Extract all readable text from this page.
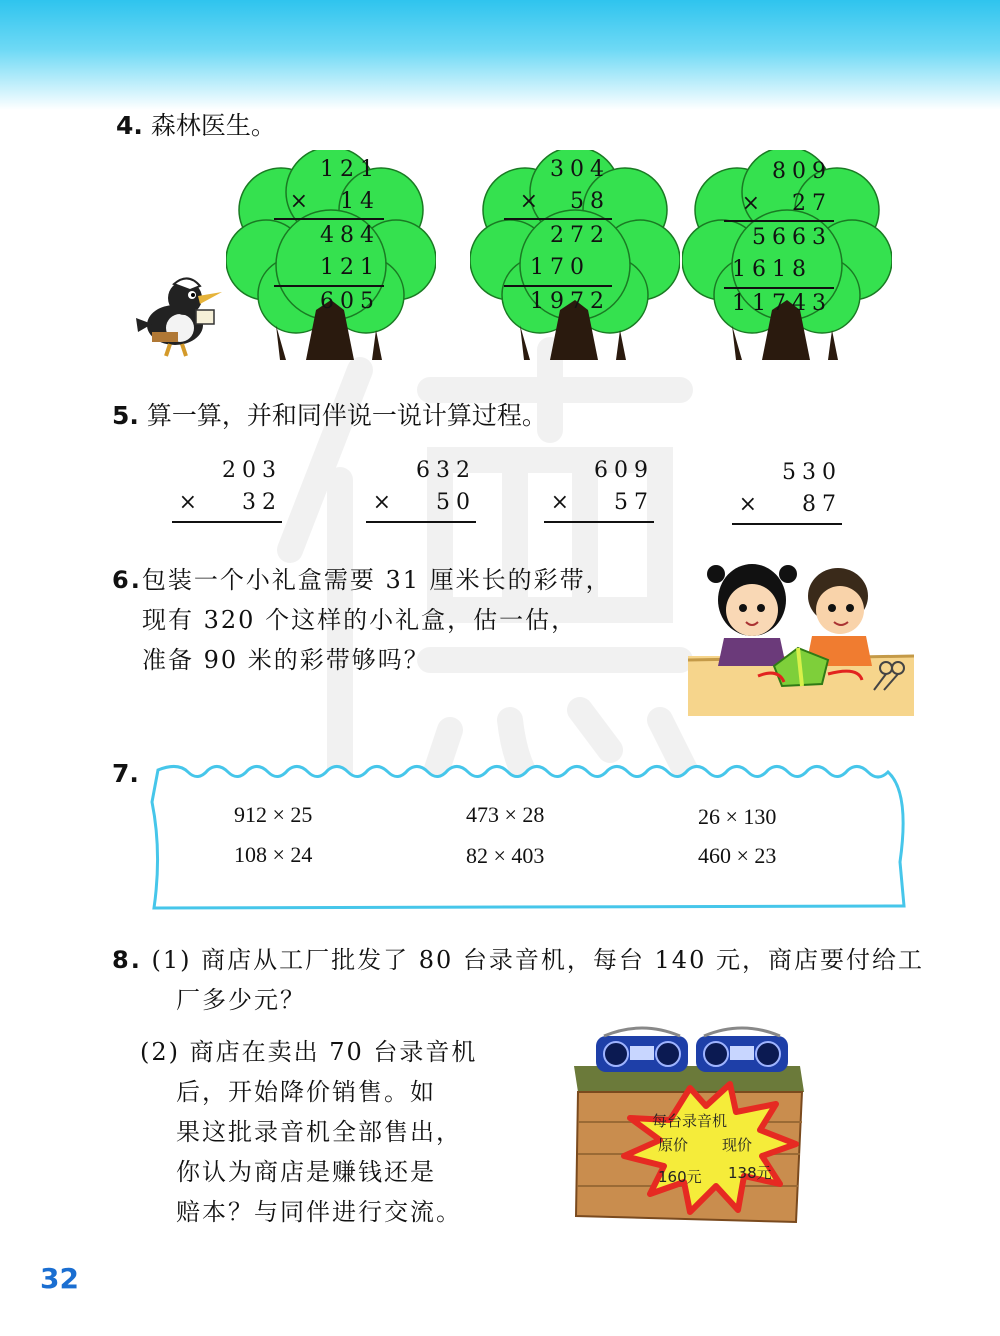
4. 森林医生。
121
×  14
484
121
605
304
×  58
272
170
1972
809
×  27
5663
1618
11743
5. 算一算，并和同伴说一说计算过程。
203
×   32
632
×   50
609
×   57
530
×   87
6.包装一个小礼盒需要 31 厘米长的彩带，
现有 320 个这样的小礼盒，估一估，
准备 90 米的彩带够吗？
7.
912 × 25	473 × 28	26 × 130
108 × 24	82 × 403	460 × 23
8. (1) 商店从工厂批发了 80 台录音机，每台 140 元，商店要付给工
厂多少元？
(2) 商店在卖出 70 台录音机
后，开始降价销售。如
果这批录音机全部售出，
你认为商店是赚钱还是
赔本？与同伴进行交流。
每台录音机
原价 现价
160元 138元
32
